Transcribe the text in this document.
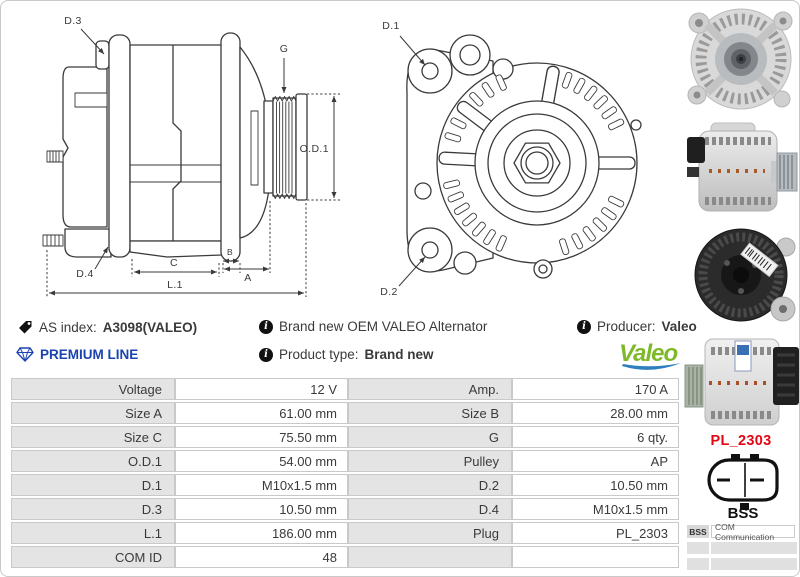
D.3
G
D.4
O.D.1
C
B
A
L.1
D.1
D.2
AS index: A3098(VALEO)	i Brand new OEM VALEO Alternator	i Producer: Valeo
PREMIUM LINE	i Product type: Brand new	Valeo
Voltage	12 V	Amp.	170 A
Size A	61.00 mm	Size B	28.00 mm
Size C	75.50 mm	G	6 qty.
O.D.1	54.00 mm	Pulley	AP
D.1	M10x1.5 mm	D.2	10.50 mm
D.3	10.50 mm	D.4	M10x1.5 mm
L.1	186.00 mm	Plug	PL_2303
COM ID	48
PL_2303
BSS
BSS COM Communication
